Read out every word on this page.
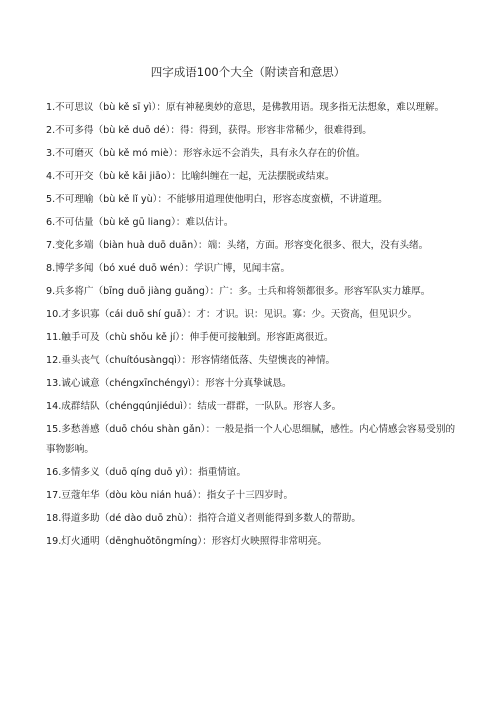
四字成语100个大全（附读音和意思）

1.不可思议（bù kě sī yì）：原有神秘奥妙的意思，是佛教用语。现多指无法想象，难以理解。

2.不可多得（bù kě duō dé）：得：得到，获得。形容非常稀少，很难得到。

3.不可磨灭（bù kě mó miè）：形容永远不会消失，具有永久存在的价值。

4.不可开交（bù kě kāi jiāo）：比喻纠缠在一起，无法摆脱或结束。

5.不可理喻（bù kě lǐ yù）：不能够用道理使他明白，形容态度蛮横，不讲道理。

6.不可估量（bù kě gū liang）：难以估计。

7.变化多端（biàn huà duō duān）：端：头绪，方面。形容变化很多、很大，没有头绪。

8.博学多闻（bó xué duō wén）：学识广博，见闻丰富。

9.兵多将广（bīng duō jiàng guǎng）：广：多。士兵和将领都很多。形容军队实力雄厚。

10.才多识寡（cái duō shí guǎ）：才：才识。识：见识。寡：少。天资高，但见识少。

11.触手可及（chù shǒu kě jí）：伸手便可接触到。形容距离很近。

12.垂头丧气（chuítóusàngqì）：形容情绪低落、失望懊丧的神情。

13.诚心诚意（chéngxīnchéngyì）：形容十分真挚诚恳。

14.成群结队（chéngqúnjiéduì）：结成一群群，一队队。形容人多。

15.多愁善感（duō chóu shàn gǎn）：一般是指一个人心思细腻，感性。内心情感会容易受别的事物影响。

16.多情多义（duō qíng duō yì）：指重情谊。

17.豆蔻年华（dòu kòu nián huá）：指女子十三四岁时。

18.得道多助（dé dào duō zhù）：指符合道义者则能得到多数人的帮助。

19.灯火通明（dēnghuǒtōngmíng）：形容灯火映照得非常明亮。
